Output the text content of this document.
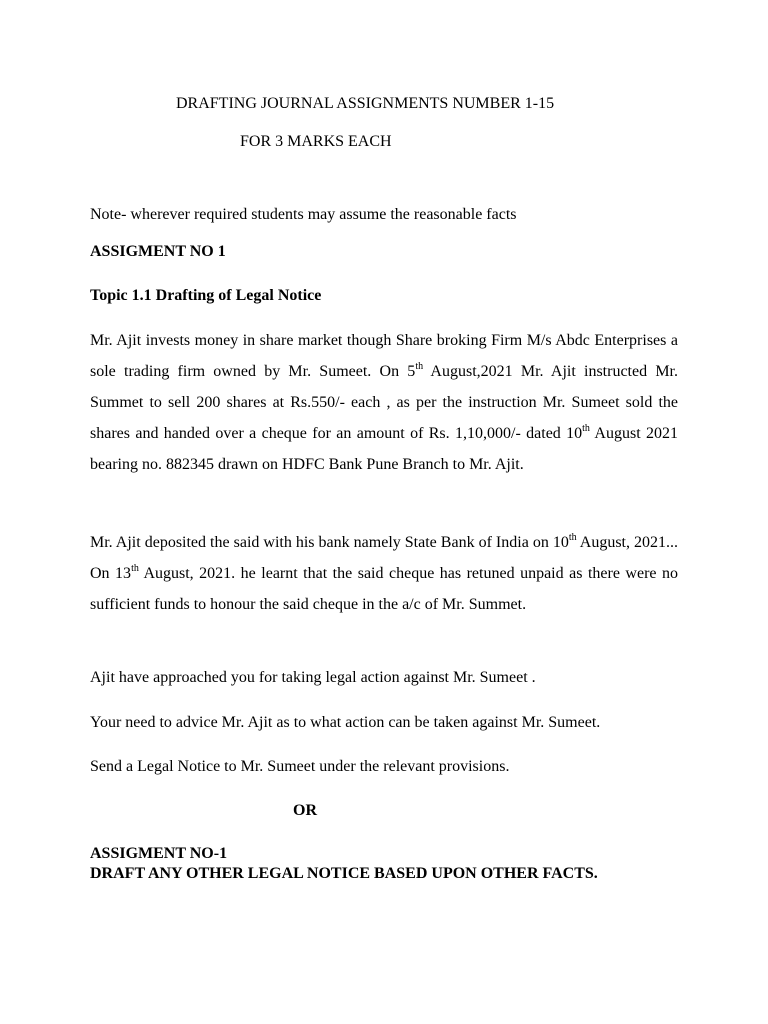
DRAFTING JOURNAL ASSIGNMENTS NUMBER 1-15
FOR 3 MARKS EACH
Note- wherever required students may assume the reasonable facts
ASSIGMENT NO 1
Topic 1.1 Drafting of Legal Notice
Mr. Ajit invests money in share market though Share broking Firm M/s Abdc Enterprises a sole trading firm owned by Mr. Sumeet. On 5th August,2021 Mr. Ajit instructed Mr. Summet to sell 200 shares at Rs.550/- each , as per the instruction Mr. Sumeet sold the shares and handed over a cheque for an amount of Rs. 1,10,000/- dated 10th August 2021 bearing no. 882345 drawn on HDFC Bank Pune Branch to Mr. Ajit.
Mr. Ajit deposited the said with his bank namely State Bank of India on 10th August, 2021... On 13th August, 2021. he learnt that the said cheque has retuned unpaid as there were no sufficient funds to honour the said cheque in the a/c of Mr. Summet.
Ajit have approached you for taking legal action against Mr. Sumeet .
Your need to advice Mr. Ajit as to what action can be taken against Mr. Sumeet.
Send a Legal Notice to Mr. Sumeet under the relevant provisions.
OR
ASSIGMENT NO-1
DRAFT ANY OTHER LEGAL NOTICE BASED UPON OTHER FACTS.
